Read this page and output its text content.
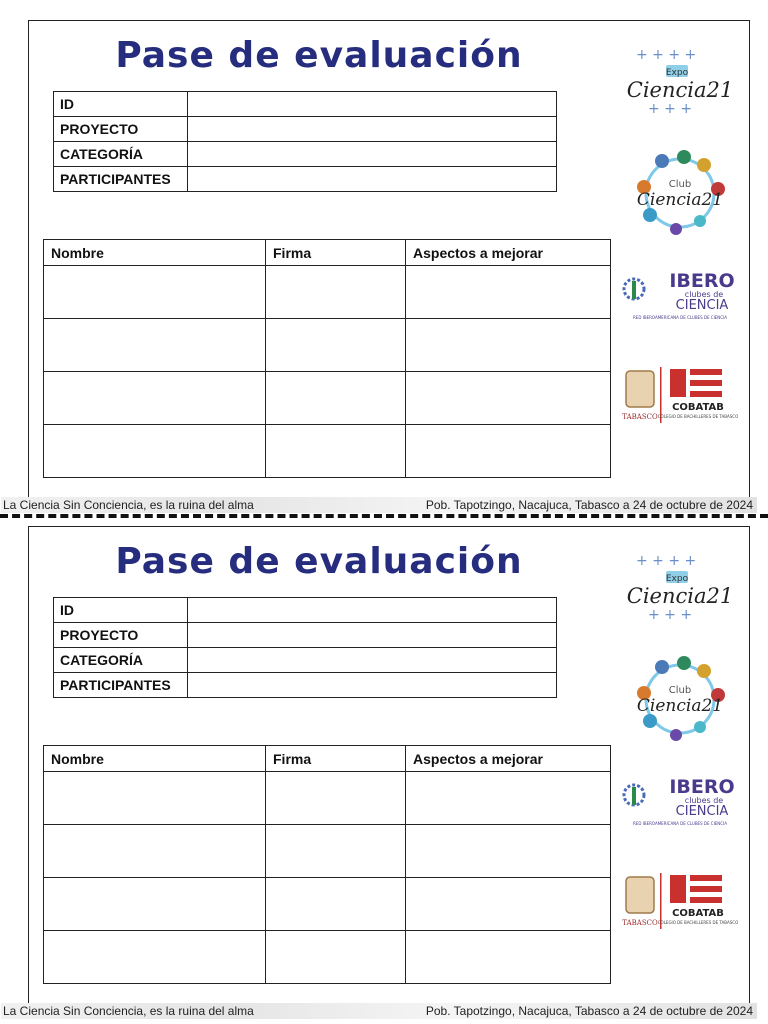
Pase de evaluación
ID	
PROYECTO	
CATEGORÍA	
PARTICIPANTES	
Nombre	Firma	Aspectos a mejorar

+ + + +
+ + +
Expo
Ciencia21
Club
Ciencia21
IBERO
clubes de
CIENCIA
RED IBEROAMERICANA DE CLUBES DE CIENCIA
TABASCO
COBATAB
COLEGIO DE BACHILLERES DE TABASCO
La Ciencia Sin Conciencia, es la ruina del alma	Pob. Tapotzingo, Nacajuca, Tabasco a 24 de octubre de 2024
Pase de evaluación
ID	
PROYECTO	
CATEGORÍA	
PARTICIPANTES	
Nombre	Firma	Aspectos a mejorar

+ + + +
+ + +
Expo
Ciencia21
Club
Ciencia21
IBERO
clubes de
CIENCIA
RED IBEROAMERICANA DE CLUBES DE CIENCIA
TABASCO
COBATAB
COLEGIO DE BACHILLERES DE TABASCO
La Ciencia Sin Conciencia, es la ruina del alma	Pob. Tapotzingo, Nacajuca, Tabasco a 24 de octubre de 2024
